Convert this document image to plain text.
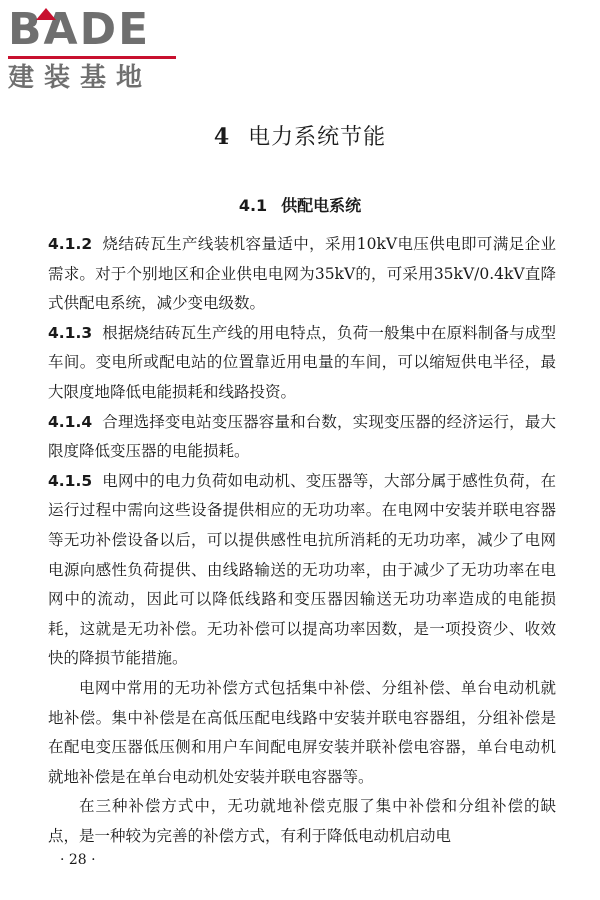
BADE
建装基地
4 电力系统节能
4.1 供配电系统

4.1.2 烧结砖瓦生产线装机容量适中，采用10kV电压供电即可满足企业需求。对于个别地区和企业供电电网为35kV的，可采用35kV/0.4kV直降式供配电系统，减少变电级数。

4.1.3 根据烧结砖瓦生产线的用电特点，负荷一般集中在原料制备与成型车间。变电所或配电站的位置靠近用电量的车间，可以缩短供电半径，最大限度地降低电能损耗和线路投资。

4.1.4 合理选择变电站变压器容量和台数，实现变压器的经济运行，最大限度降低变压器的电能损耗。

4.1.5 电网中的电力负荷如电动机、变压器等，大部分属于感性负荷，在运行过程中需向这些设备提供相应的无功功率。在电网中安装并联电容器等无功补偿设备以后，可以提供感性电抗所消耗的无功功率，减少了电网电源向感性负荷提供、由线路输送的无功功率，由于减少了无功功率在电网中的流动，因此可以降低线路和变压器因输送无功功率造成的电能损耗，这就是无功补偿。无功补偿可以提高功率因数，是一项投资少、收效快的降损节能措施。

电网中常用的无功补偿方式包括集中补偿、分组补偿、单台电动机就地补偿。集中补偿是在高低压配电线路中安装并联电容器组，分组补偿是在配电变压器低压侧和用户车间配电屏安装并联补偿电容器，单台电动机就地补偿是在单台电动机处安装并联电容器等。

在三种补偿方式中，无功就地补偿克服了集中补偿和分组补偿的缺点，是一种较为完善的补偿方式，有利于降低电动机启动电

· 28 ·
